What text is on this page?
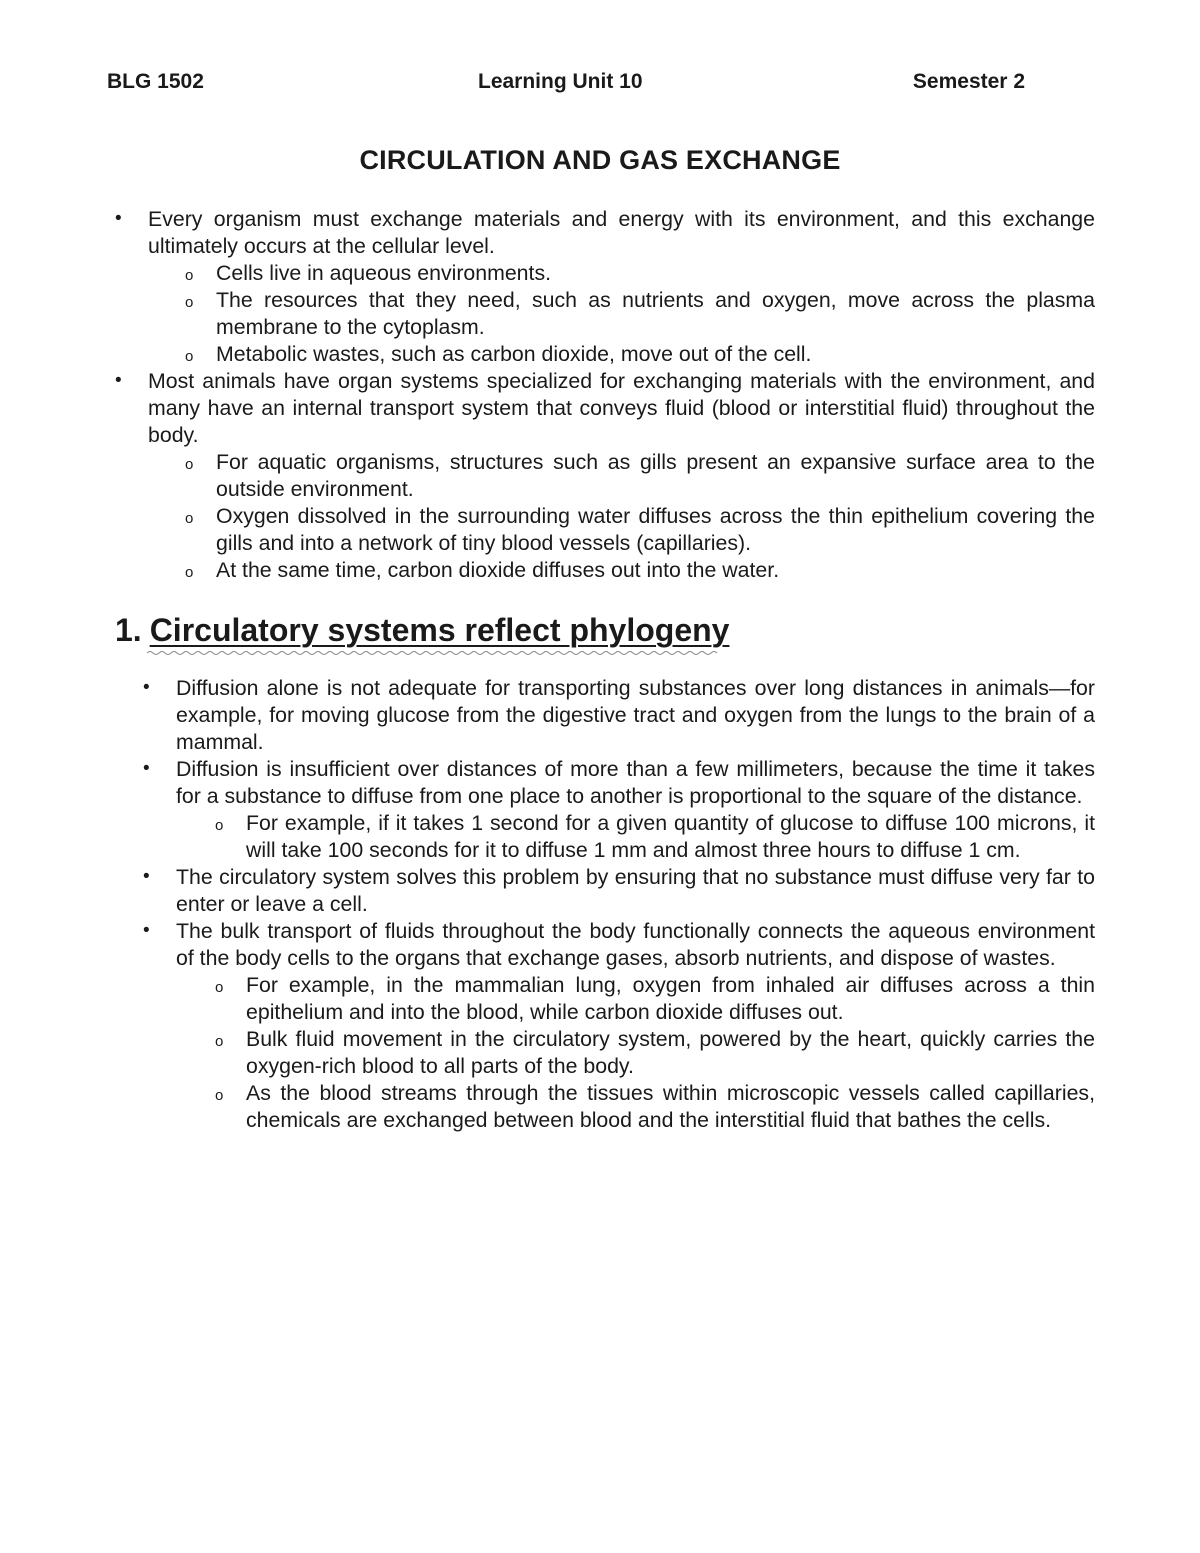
BLG 1502	Learning Unit 10	Semester 2
CIRCULATION AND GAS EXCHANGE
• Every organism must exchange materials and energy with its environment, and this exchange ultimately occurs at the cellular level.
o Cells live in aqueous environments.
o The resources that they need, such as nutrients and oxygen, move across the plasma membrane to the cytoplasm.
o Metabolic wastes, such as carbon dioxide, move out of the cell.
• Most animals have organ systems specialized for exchanging materials with the environment, and many have an internal transport system that conveys fluid (blood or interstitial fluid) throughout the body.
o For aquatic organisms, structures such as gills present an expansive surface area to the outside environment.
o Oxygen dissolved in the surrounding water diffuses across the thin epithelium covering the gills and into a network of tiny blood vessels (capillaries).
o At the same time, carbon dioxide diffuses out into the water.
1. Circulatory systems reflect phylogeny
• Diffusion alone is not adequate for transporting substances over long distances in animals—for example, for moving glucose from the digestive tract and oxygen from the lungs to the brain of a mammal.
• Diffusion is insufficient over distances of more than a few millimeters, because the time it takes for a substance to diffuse from one place to another is proportional to the square of the distance.
o For example, if it takes 1 second for a given quantity of glucose to diffuse 100 microns, it will take 100 seconds for it to diffuse 1 mm and almost three hours to diffuse 1 cm.
• The circulatory system solves this problem by ensuring that no substance must diffuse very far to enter or leave a cell.
• The bulk transport of fluids throughout the body functionally connects the aqueous environment of the body cells to the organs that exchange gases, absorb nutrients, and dispose of wastes.
o For example, in the mammalian lung, oxygen from inhaled air diffuses across a thin epithelium and into the blood, while carbon dioxide diffuses out.
o Bulk fluid movement in the circulatory system, powered by the heart, quickly carries the oxygen-rich blood to all parts of the body.
o As the blood streams through the tissues within microscopic vessels called capillaries, chemicals are exchanged between blood and the interstitial fluid that bathes the cells.
